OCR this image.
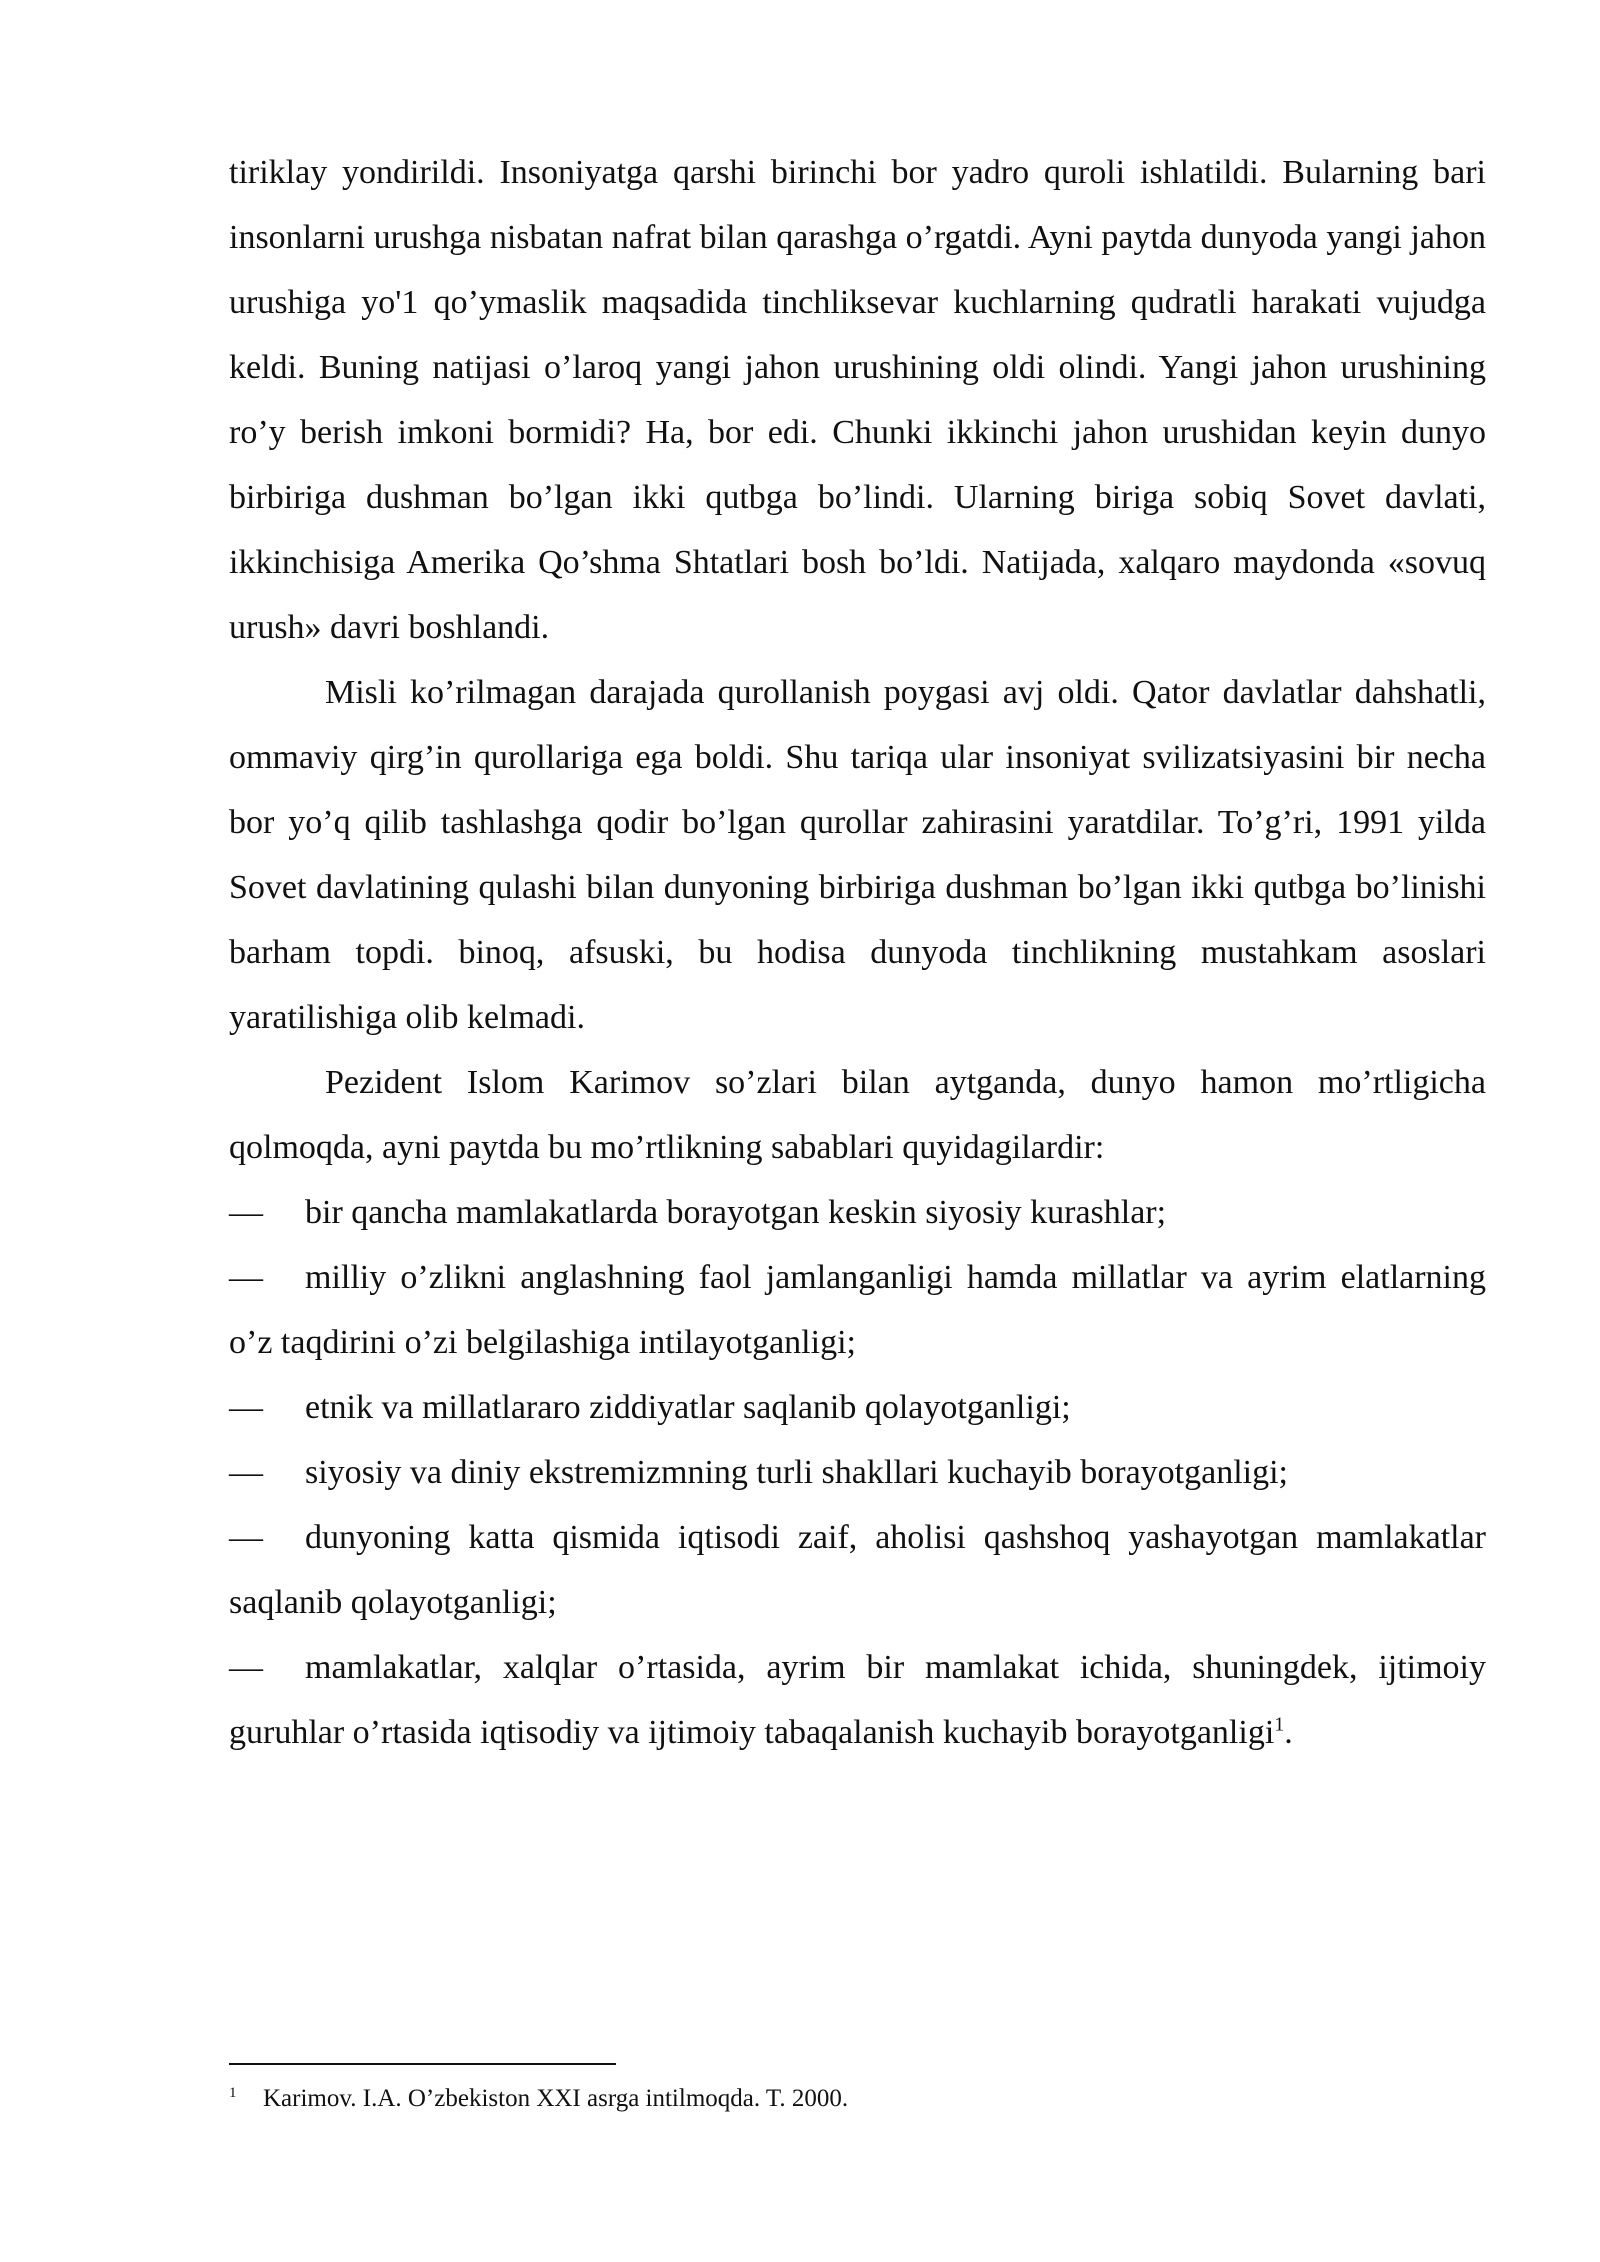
tiriklay yondirildi. Insoniyatga qarshi birinchi bor yadro quroli ishlatildi. Bularning bari insonlarni urushga nisbatan nafrat bilan qarashga o’rgatdi. Ayni paytda dunyoda yangi jahon urushiga yo'1 qo’ymaslik maqsadida tinchliksevar kuchlarning qudratli harakati vujudga keldi. Buning natijasi o’laroq yangi jahon urushining oldi olindi. Yangi jahon urushining ro’y berish imkoni bormidi? Ha, bor edi. Chunki ikkinchi jahon urushidan keyin dunyo birbiriga dushman bo’lgan ikki qutbga bo’lindi. Ularning biriga sobiq Sovet davlati, ikkinchisiga Amerika Qo’shma Shtatlari bosh bo’ldi. Natijada, xalqaro maydonda «sovuq urush» davri boshlandi.

Misli ko’rilmagan darajada qurollanish poygasi avj oldi. Qator davlatlar dahshatli, ommaviy qirg’in qurollariga ega boldi. Shu tariqa ular insoniyat svilizatsiyasini bir necha bor yo’q qilib tashlashga qodir bo’lgan qurollar zahirasini yaratdilar. To’g’ri, 1991 yilda Sovet davlatining qulashi bilan dunyoning birbiriga dushman bo’lgan ikki qutbga bo’linishi barham topdi. binoq, afsuski, bu hodisa dunyoda tinchlikning mustahkam asoslari yaratilishiga olib kelmadi.

Pezident Islom Karimov so’zlari bilan aytganda, dunyo hamon mo’rtligicha qolmoqda, ayni paytda bu mo’rtlikning sabablari quyidagilardir:

— bir qancha mamlakatlarda borayotgan keskin siyosiy kurashlar;

— milliy o’zlikni anglashning faol jamlanganligi hamda millatlar va ayrim elatlarning o’z taqdirini o’zi belgilashiga intilayotganligi;

— etnik va millatlararo ziddiyatlar saqlanib qolayotganligi;

— siyosiy va diniy ekstremizmning turli shakllari kuchayib borayotganligi;

— dunyoning katta qismida iqtisodi zaif, aholisi qashshoq yashayotgan mamlakatlar saqlanib qolayotganligi;

— mamlakatlar, xalqlar o’rtasida, ayrim bir mamlakat ichida, shuningdek, ijtimoiy guruhlar o’rtasida iqtisodiy va ijtimoiy tabaqalanish kuchayib borayotganligi$^1$.

1 Karimov. I.A. O’zbekiston XXI asrga intilmoqda. T. 2000.
